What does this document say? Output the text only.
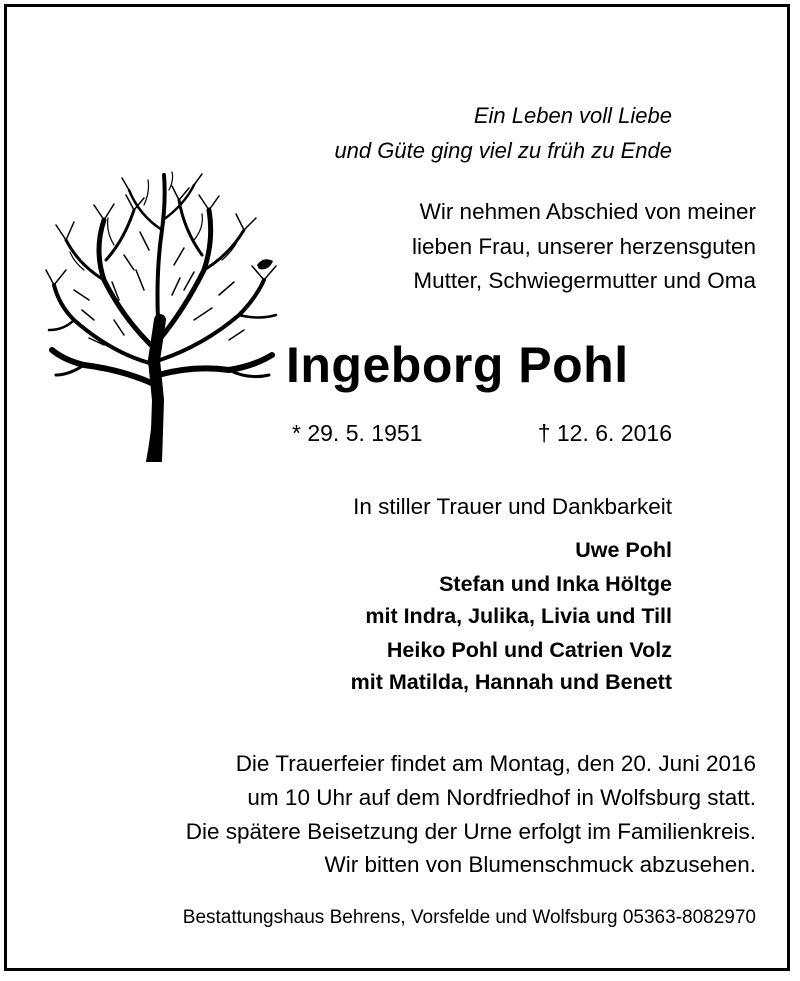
Ein Leben voll Liebe
und Güte ging viel zu früh zu Ende
Wir nehmen Abschied von meiner
lieben Frau, unserer herzensguten
Mutter, Schwiegermutter und Oma
Ingeborg Pohl
* 29. 5. 1951	† 12. 6. 2016
In stiller Trauer und Dankbarkeit
Uwe Pohl
Stefan und Inka Höltge
mit Indra, Julika, Livia und Till
Heiko Pohl und Catrien Volz
mit Matilda, Hannah und Benett
Die Trauerfeier findet am Montag, den 20. Juni 2016
um 10 Uhr auf dem Nordfriedhof in Wolfsburg statt.
Die spätere Beisetzung der Urne erfolgt im Familienkreis.
Wir bitten von Blumenschmuck abzusehen.
Bestattungshaus Behrens, Vorsfelde und Wolfsburg 05363-8082970
